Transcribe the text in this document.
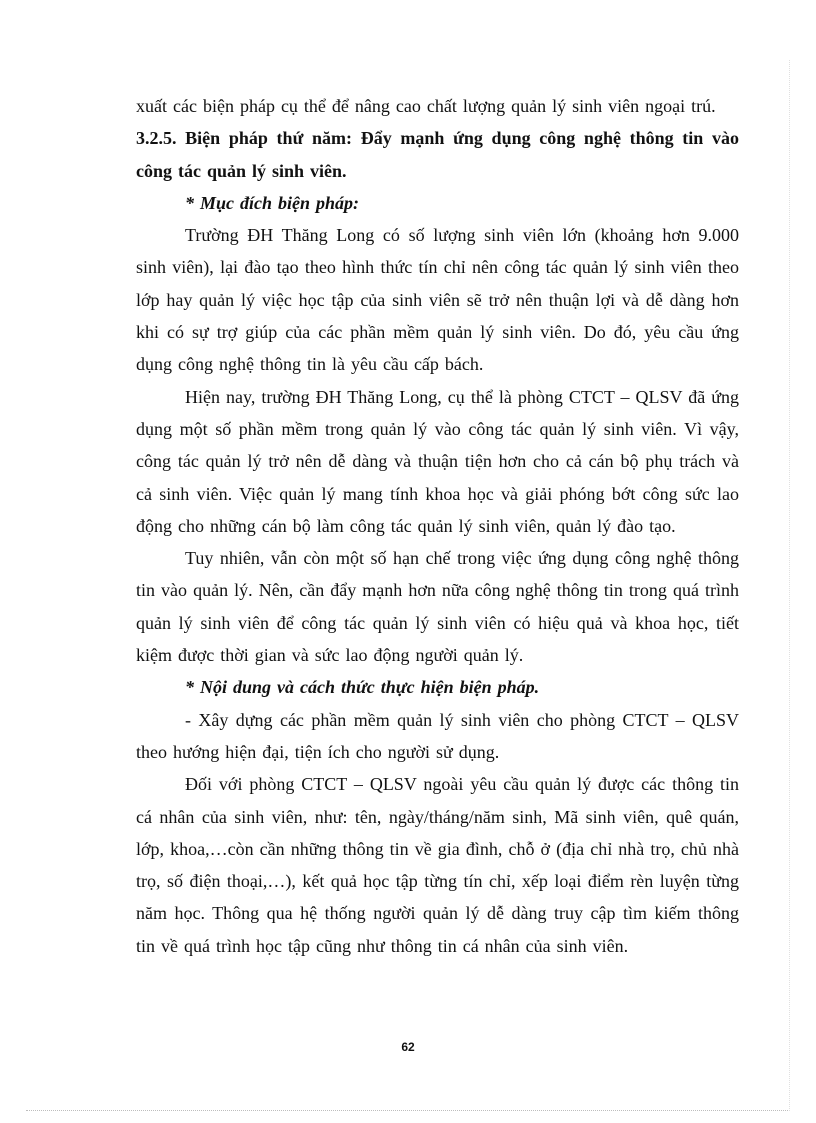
xuất các biện pháp cụ thể để nâng cao chất lượng quản lý sinh viên ngoại trú.

3.2.5. Biện pháp thứ năm: Đẩy mạnh ứng dụng công nghệ thông tin vào công tác quản lý sinh viên.

* Mục đích biện pháp:

Trường ĐH Thăng Long có số lượng sinh viên lớn (khoảng hơn 9.000 sinh viên), lại đào tạo theo hình thức tín chỉ nên công tác quản lý sinh viên theo lớp hay quản lý việc học tập của sinh viên sẽ trở nên thuận lợi và dễ dàng hơn khi có sự trợ giúp của các phần mềm quản lý sinh viên. Do đó, yêu cầu ứng dụng công nghệ thông tin là yêu cầu cấp bách.

Hiện nay, trường ĐH Thăng Long, cụ thể là phòng CTCT – QLSV đã ứng dụng một số phần mềm trong quản lý vào công tác quản lý sinh viên. Vì vậy, công tác quản lý trở nên dễ dàng và thuận tiện hơn cho cả cán bộ phụ trách và cả sinh viên. Việc quản lý mang tính khoa học và giải phóng bớt công sức lao động cho những cán bộ làm công tác quản lý sinh viên, quản lý đào tạo.

Tuy nhiên, vẫn còn một số hạn chế trong việc ứng dụng công nghệ thông tin vào quản lý. Nên, cần đẩy mạnh hơn nữa công nghệ thông tin trong quá trình quản lý sinh viên để công tác quản lý sinh viên có hiệu quả và khoa học, tiết kiệm được thời gian và sức lao động người quản lý.

* Nội dung và cách thức thực hiện biện pháp.

- Xây dựng các phần mềm quản lý sinh viên cho phòng CTCT – QLSV theo hướng hiện đại, tiện ích cho người sử dụng.

Đối với phòng CTCT – QLSV ngoài yêu cầu quản lý được các thông tin cá nhân của sinh viên, như: tên, ngày/tháng/năm sinh, Mã sinh viên, quê quán, lớp, khoa,…còn cần những thông tin về gia đình, chỗ ở (địa chỉ nhà trọ, chủ nhà trọ, số điện thoại,…), kết quả học tập từng tín chỉ, xếp loại điểm rèn luyện từng năm học. Thông qua hệ thống người quản lý dễ dàng truy cập tìm kiếm thông tin về quá trình học tập cũng như thông tin cá nhân của sinh viên.

62
